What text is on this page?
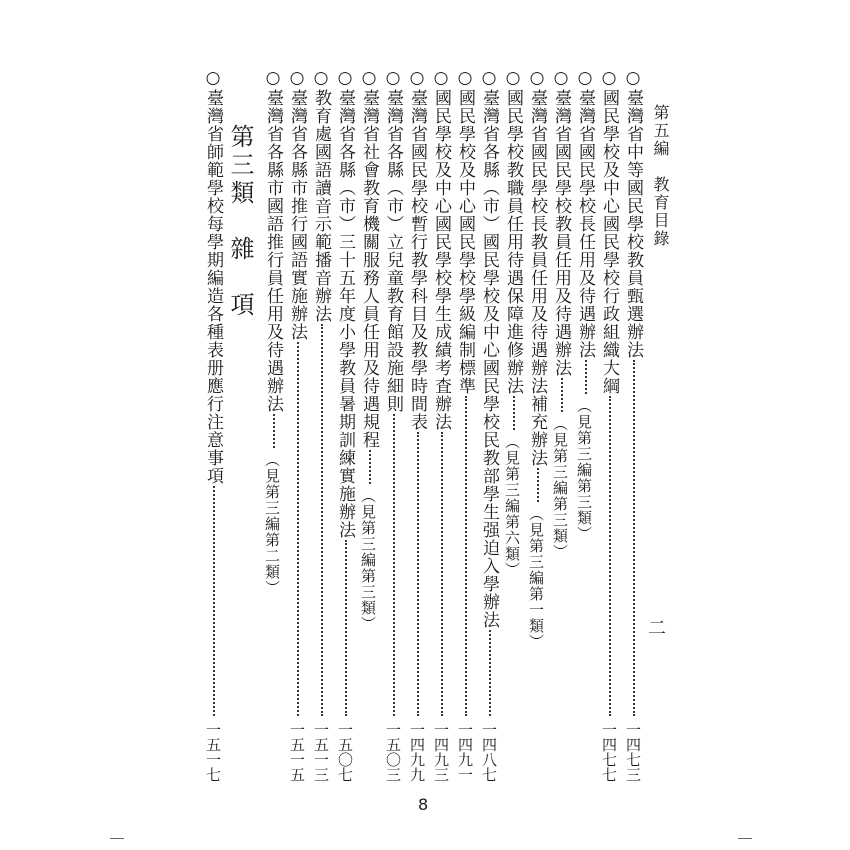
第五編　教育目錄
二
○臺灣省中等國民學校教員甄選辦法
一四七三
○國民學校及中心國民學校行政組織大綱
一四七七
○臺灣省國民學校長任用及待遇辦法
（見第三編第三類）
○臺灣省國民學校教員任用及待遇辦法
（見第三編第三類）
○臺灣省國民學校長教員任用及待遇辦法補充辦法
（見第三編第一類）
○國民學校教職員任用待遇保障進修辦法
（見第三編第六類）
○臺灣省各縣（市）國民學校及中心國民學校民教部學生强迫入學辦法
一四八七
○國民學校及中心國民學校學級編制標準
一四九一
○國民學校及中心國民學校學生成績考査辦法
一四九三
○臺灣省國民學校暫行教學科目及教學時間表
一四九九
○臺灣省各縣（市）立兒童教育館設施細則
一五〇三
○臺灣省社會教育機關服務人員任用及待遇規程
（見第三編第三類）
○臺灣省各縣（市）三十五年度小學教員暑期訓練實施辦法
一五〇七
○教育處國語讀音示範播音辦法
一五一三
○臺灣省各縣市推行國語實施辦法
一五一五
○臺灣省各縣市國語推行員任用及待遇辦法
（見第三編第二類）
○臺灣省師範學校每學期編造各種表册應行注意事項
一五一七
第三類　雜　項
8
